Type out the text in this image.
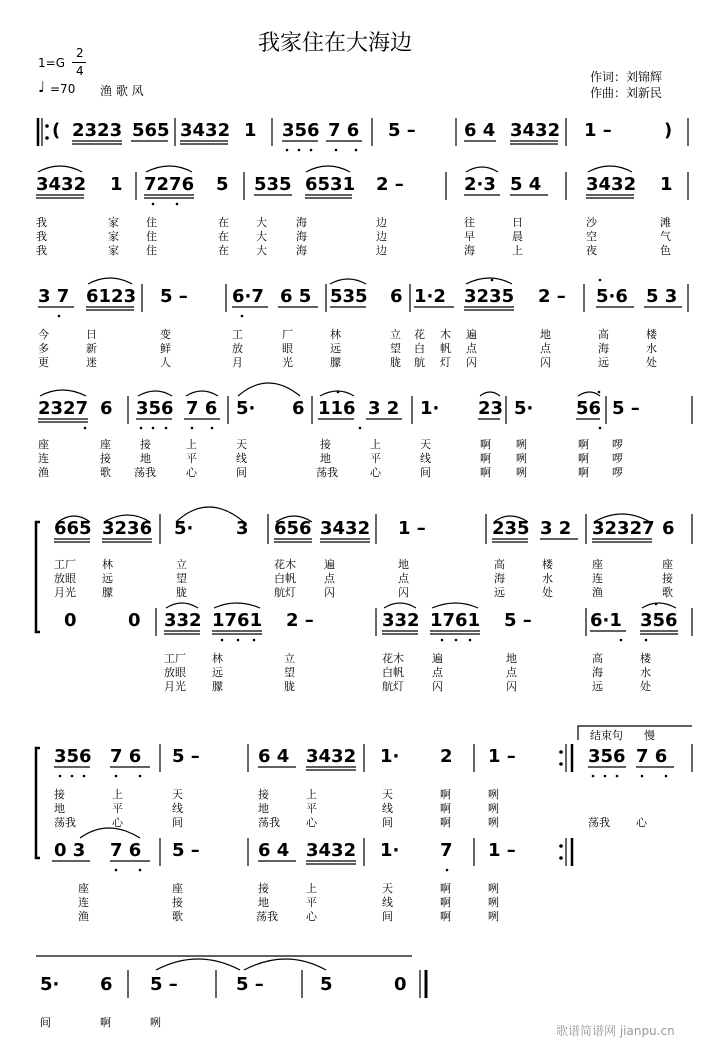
我家住在大海边
1=G
2
4
♩ =70 渔 歌 风
作词：刘锦辉
作曲：刘新民
( 2323 565 3432 1 356 7 6 5 –	6 4 3432 1 –	)
3432 1 7276 5 535 6531 2 –	2·3 5 4 3432 1
我	家 住	在 大	海	边	往	日	沙	滩
我	家 住	在 大	海	边	早	晨	空	气
我	家 住	在 大	海	边	海	上	夜	色
3 7 6123 5 – 6·7 6 5 535 6 1·2 3235 2 – 5·6 5 3
今	日	变	工	厂	林	立 花 木 遍	地	高	楼
多	新	鲜	放	眼	远	望 白 帆 点	点	海	水
更	迷	人	月	光	朦	胧 航 灯 闪	闪	远	处
2327 6 356 7 6 5· 6 116 3 2 1· 23 5· 56 5 –
座	座	接	上	天	接	上	天	啊 咧	啊 啰
连	接	地	平	线	地	平	线	啊 咧	啊 啰
渔	歌 荡我	心	间	荡我	心	间	啊 咧	啊 啰
665 3236 5· 3 656 3432 1 –	235 3 2 32327 6
工厂 林	立	花木	遍	地	高	楼	座	座
放眼 远	望	白帆	点	点	海	水	连	接
月光 朦	胧	航灯	闪	闪	远	处	渔	歌
0	0 332 1761 2 –	332 1761 5 –	6·1 356
工厂 林	立	花木	遍	地	高	楼
放眼 远	望	白帆	点	点	海	水
月光 朦	胧	航灯	闪	闪	远	处
结束句 慢
356 7 6 5 –	6 4 3432 1· 2 1 –	356 7 6
接	上	天	接	上	天	啊	咧
地	平	线	地	平	线	啊	咧
荡我	心	间	荡我 心	间	啊	咧	荡我 心
0 3 7 6 5 –	6 4 3432 1· 7 1 –
座	座	接	上	天	啊	咧
连	接	地	平	线	啊	咧
渔	歌	荡我	心	间	啊	咧
5· 6 5 –	5 –	5	0
间	啊	咧
歌谱简谱网 jianpu.cn
